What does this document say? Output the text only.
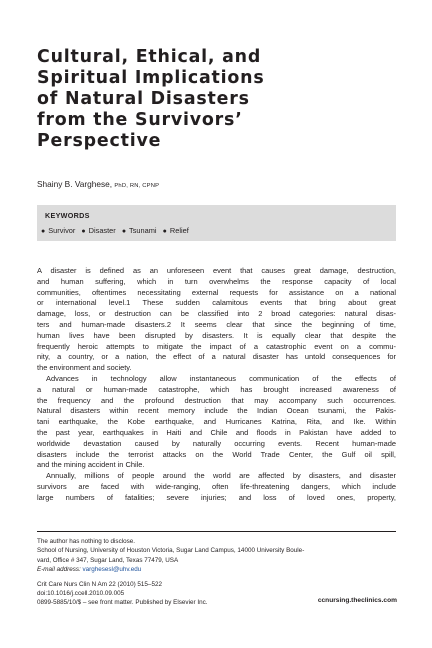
Cultural, Ethical, and
Spiritual Implications
of Natural Disasters
from the Survivors’
Perspective
Shainy B. Varghese, PhD, RN, CPNP
KEYWORDS
● Survivor ● Disaster ● Tsunami ● Relief
A disaster is defined as an unforeseen event that causes great damage, destruction,
and human suffering, which in turn overwhelms the response capacity of local
communities, oftentimes necessitating external requests for assistance on a national
or international level.1 These sudden calamitous events that bring about great
damage, loss, or destruction can be classified into 2 broad categories: natural disas-
ters and human-made disasters.2 It seems clear that since the beginning of time,
human lives have been disrupted by disasters. It is equally clear that despite the
frequently heroic attempts to mitigate the impact of a catastrophic event on a commu-
nity, a country, or a nation, the effect of a natural disaster has untold consequences for
the environment and society.
Advances in technology allow instantaneous communication of the effects of
a natural or human-made catastrophe, which has brought increased awareness of
the frequency and the profound destruction that may accompany such occurrences.
Natural disasters within recent memory include the Indian Ocean tsunami, the Pakis-
tani earthquake, the Kobe earthquake, and Hurricanes Katrina, Rita, and Ike. Within
the past year, earthquakes in Haiti and Chile and floods in Pakistan have added to
worldwide devastation caused by naturally occurring events. Recent human-made
disasters include the terrorist attacks on the World Trade Center, the Gulf oil spill,
and the mining accident in Chile.
Annually, millions of people around the world are affected by disasters, and disaster
survivors are faced with wide-ranging, often life-threatening dangers, which include
large numbers of fatalities; severe injuries; and loss of loved ones, property,
The author has nothing to disclose.
School of Nursing, University of Houston Victoria, Sugar Land Campus, 14000 University Boule-
vard, Office # 347, Sugar Land, Texas 77479, USA
E-mail address: varghesesl@uhv.edu
Crit Care Nurs Clin N Am 22 (2010) 515–522
doi:10.1016/j.ccell.2010.09.005
0899-5885/10/$ – see front matter. Published by Elsevier Inc.	ccnursing.theclinics.com
